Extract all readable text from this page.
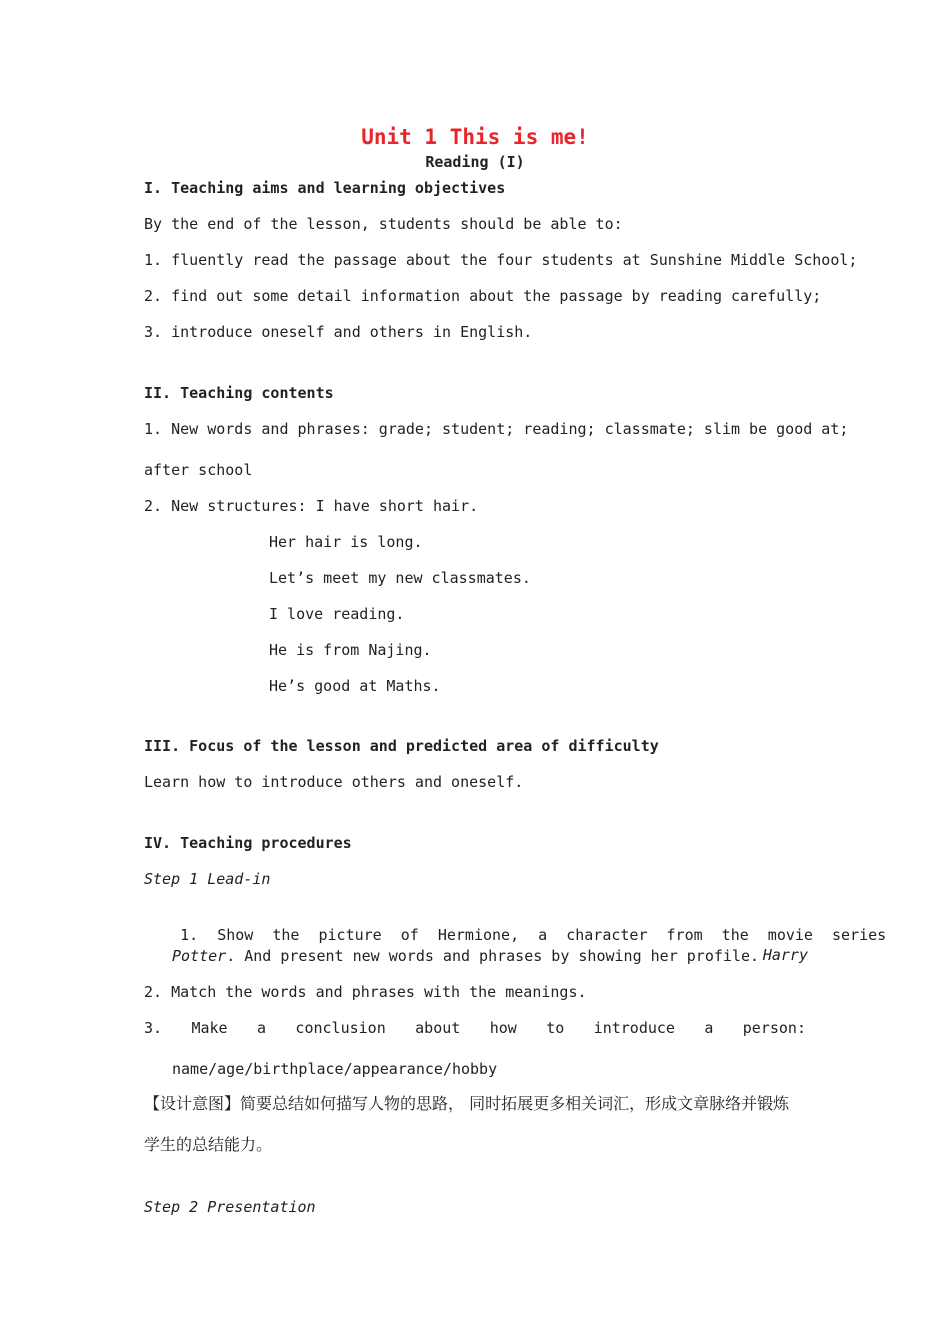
Unit 1 This is me!
Reading (I)
I. Teaching aims and learning objectives
By the end of the lesson, students should be able to:
1. fluently read the passage about the four students at Sunshine Middle School;
2. find out some detail information about the passage by reading carefully;
3. introduce oneself and others in English.
II. Teaching contents
1. New words and phrases: grade; student; reading; classmate; slim be good at;
after school
2. New structures: I have short hair.
Her hair is long.
Let’s meet my new classmates.
I love reading.
He is from Najing.
He’s good at Maths.
III. Focus of the lesson and predicted area of difficulty
Learn how to introduce others and oneself.
IV. Teaching procedures
Step 1 Lead-in

1. Show the picture of Hermione, a character from the movie series

Harry

Potter. And present new words and phrases by showing her profile.
2. Match the words and phrases with the meanings.
3. Make a conclusion about how to introduce a person:
name/age/birthplace/appearance/hobby
【设计意图】简要总结如何描写人物的思路， 同时拓展更多相关词汇，形成文章脉络并锻炼
学生的总结能力。
Step 2 Presentation
